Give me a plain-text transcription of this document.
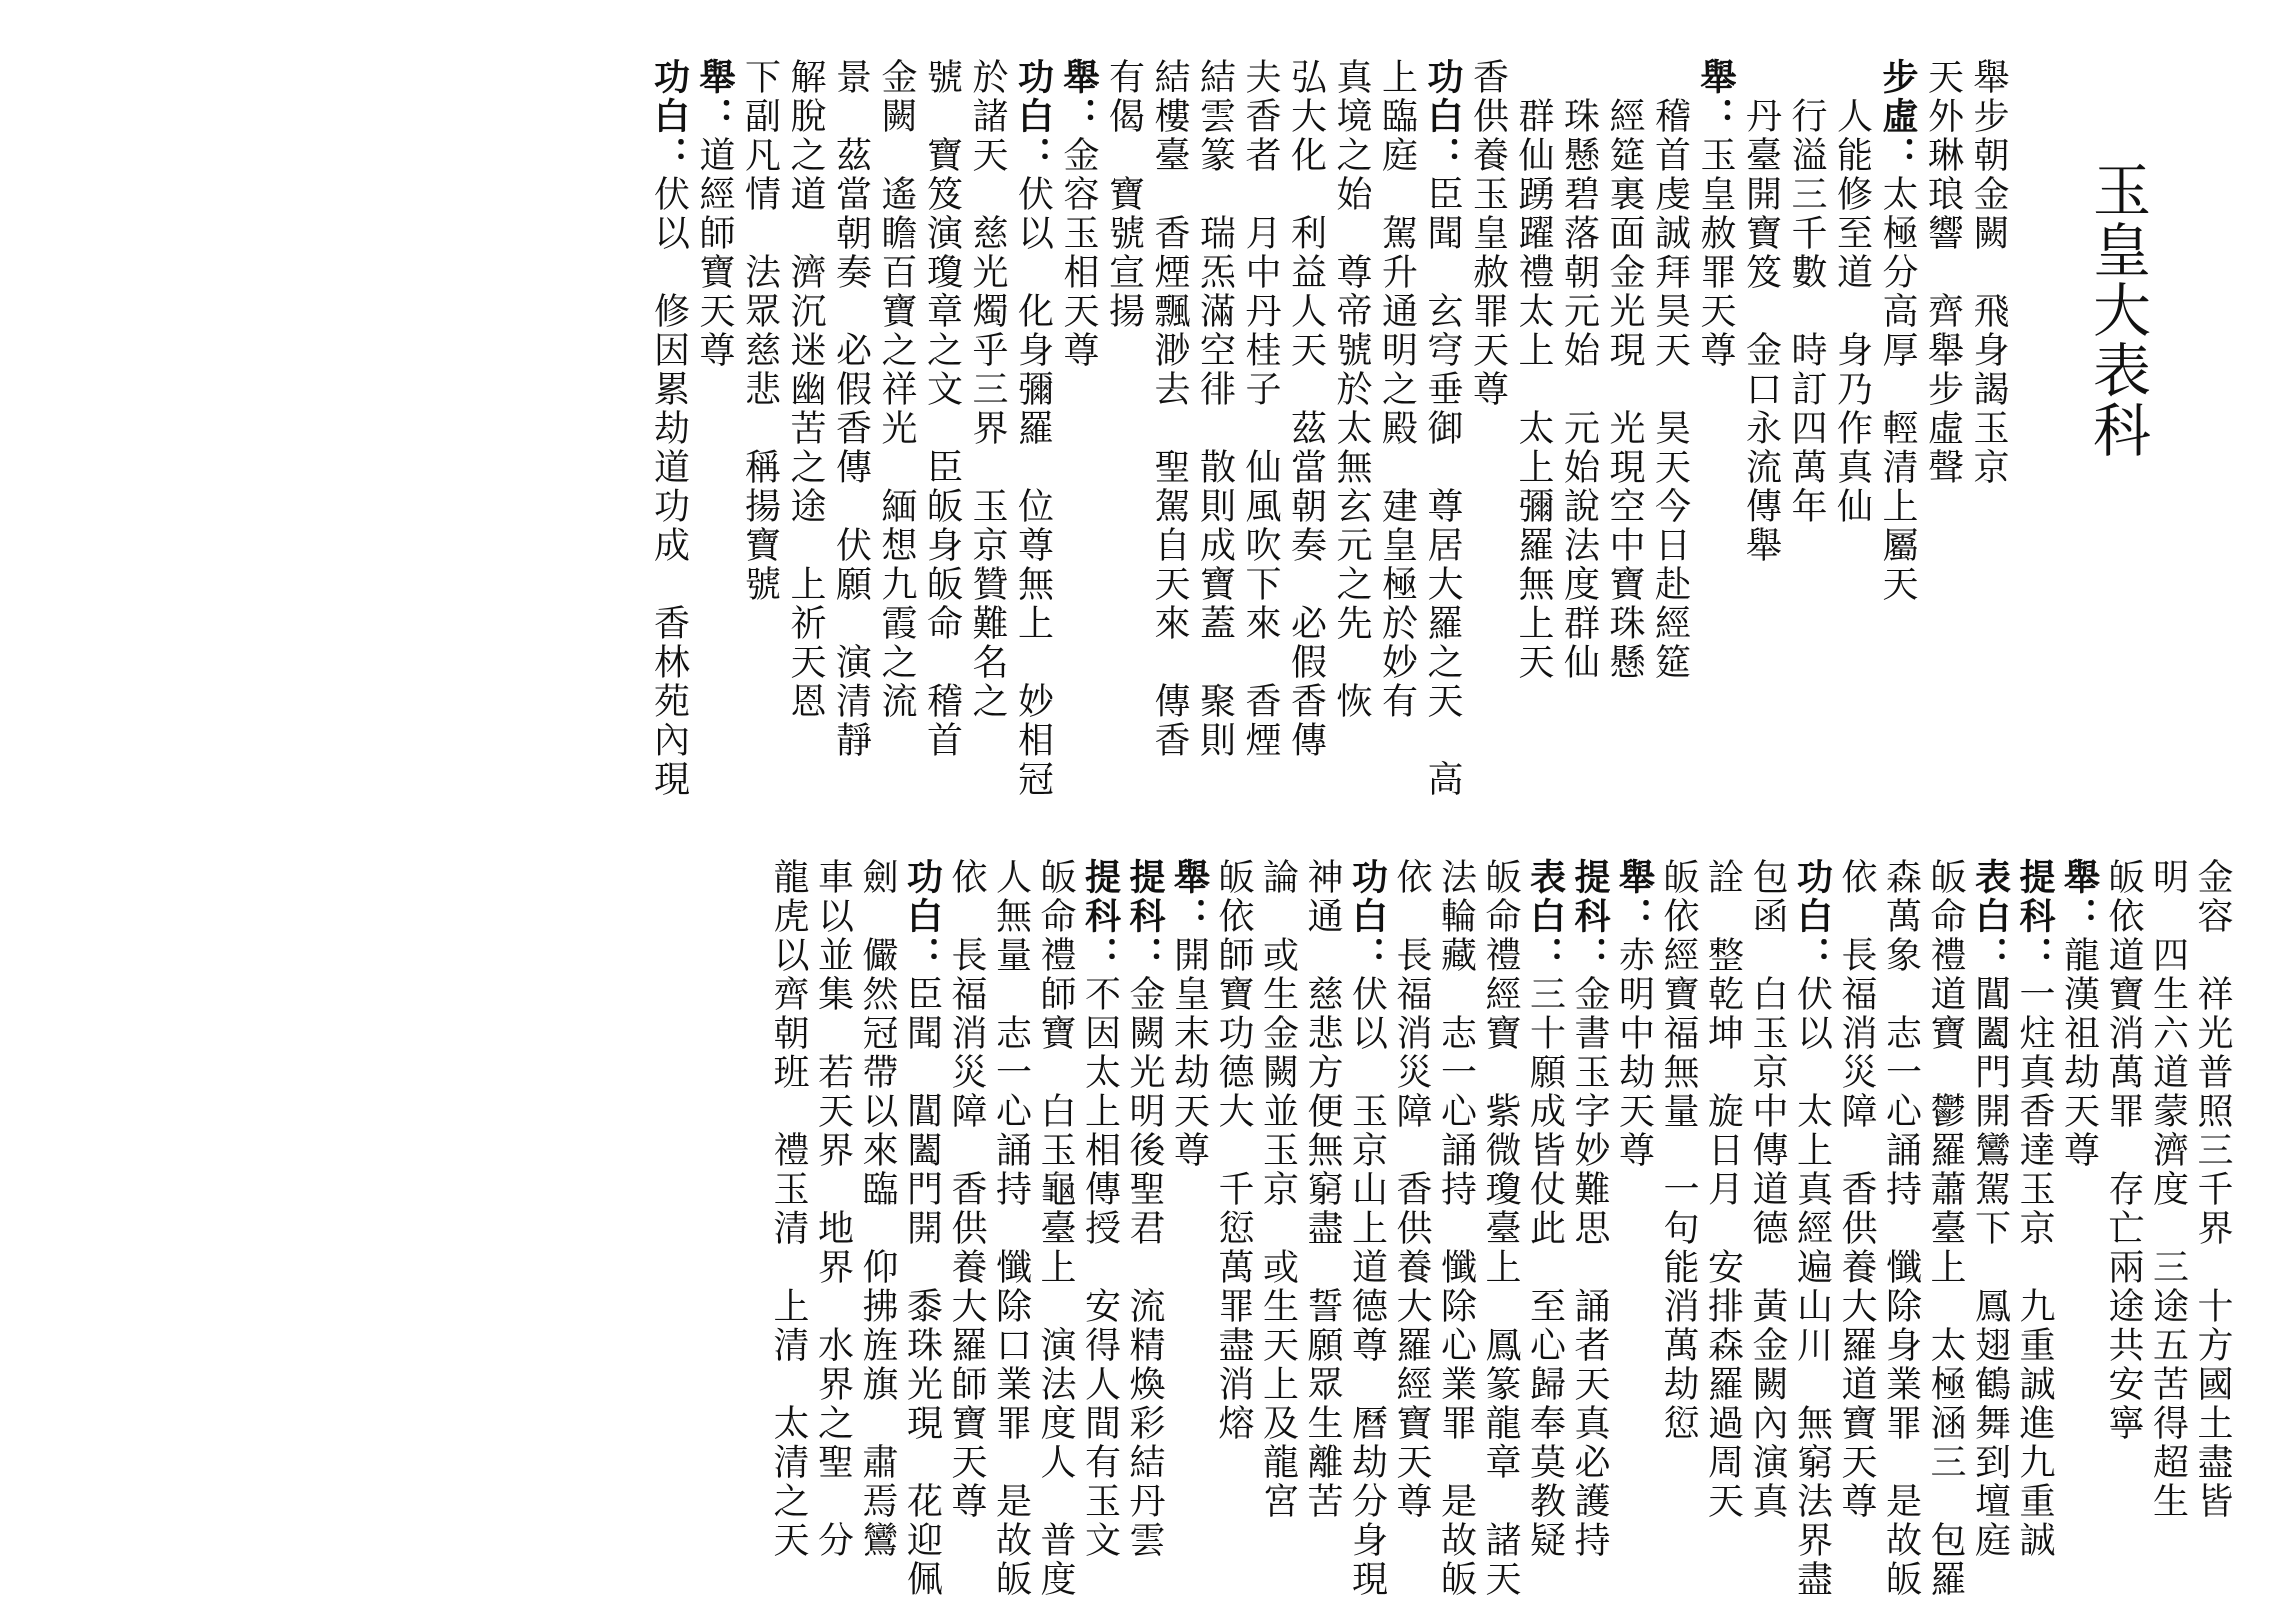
玉皇大表科
舉步朝金闕　飛身謁玉京
天外琳琅響　齊舉步虛聲
步虛：太極分高厚　輕清上屬天
　人能修至道　身乃作真仙
　行溢三千數　時訂四萬年
　丹臺開寶笈　金口永流傳舉
舉：玉皇赦罪天尊
　稽首虔誠拜昊天　昊天今日赴經筵
　經筵裏面金光現　光現空中寶珠懸
　珠懸碧落朝元始　元始說法度群仙
　群仙踴躍禮太上　太上彌羅無上天
香供養玉皇赦罪天尊
功白：臣聞　玄穹垂御　尊居大羅之天　高
上臨庭　駕升通明之殿　建皇極於妙有
真境之始　尊帝號於太無玄元之先　恢
弘大化　利益人天　茲當朝奏　必假香傳
夫香者　月中丹桂子　仙風吹下來　香煙
結雲篆　瑞炁滿空徘　散則成寶蓋　聚則
結樓臺　香煙飄渺去　聖駕自天來　傳香
有偈　寶號宣揚
舉：金容玉相天尊
功白：伏以　化身彌羅　位尊無上　妙相冠
於諸天　慈光燭乎三界　玉京贊難名之
號　寶笈演瓊章之文　臣皈身皈命　稽首
金闕　遙瞻百寶之祥光　緬想九霞之流
景　茲當朝奏　必假香傳　伏願　演清靜
解脫之道　濟沉迷幽苦之途　上祈天恩
下副凡情　法眾慈悲　稱揚寶號
舉：道經師寶天尊
功白：伏以　修因累劫道功成　香林苑內現
金容　祥光普照三千界　十方國土盡皆
明　四生六道蒙濟度　三途五苦得超生
皈依道寶消萬罪　存亡兩途共安寧
舉：龍漢祖劫天尊
提科：一炷真香達玉京　九重誠進九重誠
表白：閶闔門開鸞駕下　鳳翅鶴舞到壇庭
皈命禮道寶　鬱羅蕭臺上　太極涵三　包羅
森萬象　志一心誦持　懺除身業罪　是故皈
依　長福消災障　香供養大羅道寶天尊
功白：伏以　太上真經遍山川　無窮法界盡
包函　白玉京中傳道德　黃金闕內演真
詮　整乾坤　旋日月　安排森羅過周天
皈依經寶福無量　一句能消萬劫愆
舉：赤明中劫天尊
提科：金書玉字妙難思　誦者天真必護持
表白：三十願成皆仗此　至心歸奉莫教疑
皈命禮經寶　紫微瓊臺上　鳳篆龍章　諸天
法輪藏　志一心誦持　懺除心業罪　是故皈
依　長福消災障　香供養大羅經寶天尊
功白：伏以　玉京山上道德尊　曆劫分身現
神通　慈悲方便無窮盡　誓願眾生離苦
論　或生金闕並玉京　或生天上及龍宮
皈依師寶功德大　千愆萬罪盡消熔
舉：開皇末劫天尊
提科：金闕光明後聖君　流精煥彩結丹雲
提科：不因太上相傳授　安得人間有玉文
皈命禮師寶　白玉龜臺上　演法度人　普度
人無量　志一心誦持　懺除口業罪　是故皈
依　長福消災障　香供養大羅師寶天尊
功白：臣聞　閶闔門開　黍珠光現　花迎佩
劍　儼然冠帶以來臨　仰拂旌旗　肅焉鸞
車以並集　若天界　地界　水界之聖　分
龍虎以齊朝班　禮玉清　上清　太清之天
